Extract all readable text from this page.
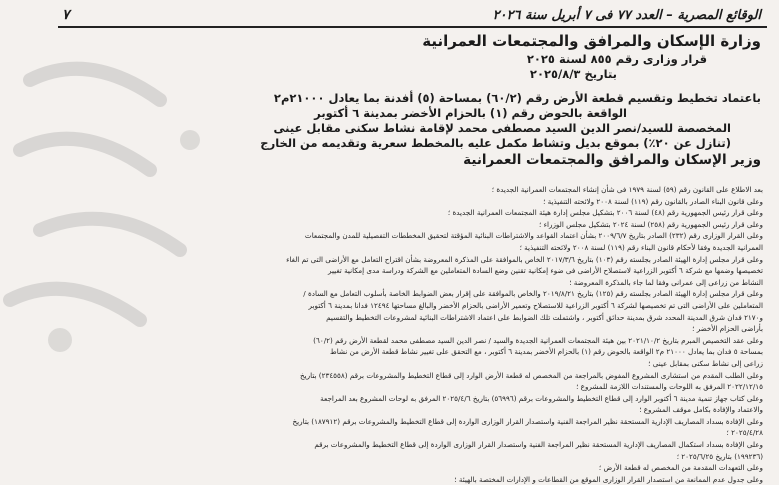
الوقائع المصرية – العدد ٧٧ فى ٧ أبريل سنة ٢٠٢٦
٧
وزارة الإسكان والمرافق والمجتمعات العمرانية
قرار وزارى رقم ٨٥٥ لسنة ٢٠٢٥
بتاريخ ٢٠٢٥/٨/٣
باعتماد تخطيط وتقسيم قطعة الأرض رقم (٦٠/٢) بمساحة (٥) أفدنة بما يعادل ٢١٠٠٠م٢
الواقعة بالحوض رقم (١) بالحزام الأخضر بمدينة ٦ أكتوبر
المخصصة للسيد/نصر الدين السيد مصطفى محمد لإقامة نشاط سكنى مقابل عينى
(تنازل عن ٢٠٪) بموقع بديل وتشاط مكمل عليه بالمخطط سعرية وتقديمه من الخارج
وزير الإسكان والمرافق والمجتمعات العمرانية

بعد الاطلاع على القانون رقم (٥٩) لسنة ١٩٧٩ فى شأن إنشاء المجتمعات العمرانية الجديدة ؛

وعلى قانون البناء الصادر بالقانون رقم (١١٩) لسنة ٢٠٠٨ ولائحته التنفيذية ؛

وعلى قرار رئيس الجمهورية رقم (٤٨) لسنة ٢٠٠٦ بتشكيل مجلس إدارة هيئة المجتمعات العمرانية الجديدة ؛

وعلى قرار رئيس الجمهورية رقم (٢٥٨) لسنة ٢٠٢٤ بتشكيل مجلس الوزراء ؛

وعلى القرار الوزارى رقم (٢٣٢) الصادر بتاريخ ٢٠٠٩/٦/٧ بشأن اعتماد القواعد والاشتراطات البنائية المؤقتة لتحقيق المخططات التفصيلية للمدن والمجتمعات

العمرانية الجديدة وفقا لأحكام قانون البناء رقم (١١٩) لسنة ٢٠٠٨ ولائحته التنفيذية ؛

وعلى قرار مجلس إدارة الهيئة الصادر بجلسته رقم (١٠٣) بتاريخ ٢٠١٧/٣/٦ الخاص بالموافقة على المذكرة المعروضة بشأن اقتراح التعامل مع الأراضى التى تم الغاء

تخصيصها وضمها مع شركة ٦ أكتوبر الزراعية لاستصلاح الأراضى فى ضوء إمكانية تقنين وضع السادة المتعاملين مع الشركة ودراسة مدى إمكانية تغيير

النشاط من زراعى إلى عمرانى وفقا لما جاء بالمذكرة المعروضة ؛

وعلى قرار مجلس إدارة الهيئة الصادر بجلسته رقم (١٢٥) بتاريخ ٢٠١٩/٨/٢١ والخاص بالموافقة على إقرار بعض الضوابط الخاصة بأسلوب التعامل مع السادة /

المتعاملين على الأراضى التى تم تخصيصها لشركة ٦ أكتوبر الزراعية للاستصلاح وتعمير الأراضى بالحزام الأخضر والبالغ مساحتها ١٢٤٩٤ فدانا بمدينة ٦ أكتوبر

و٢١٧٠ فدان شرق المدينة المحدد شرق بمدينة حدائق أكتوبر ، واشتملت تلك الضوابط على اعتماد الاشتراطات البنائية لمشروعات التخطيط والتقسيم

بأراضى الحزام الأخضر ؛

وعلى عقد التخصيص المبرم بتاريخ ٢٠٢١/١٠/٢ بين هيئة المجتمعات العمرانية الجديدة والسيد / نصر الدين السيد مصطفى محمد لقطعة الأرض رقم (٦٠/٢)

بمساحة ٥ فدان بما يعادل ٢١٠٠٠ م٢ الواقعة بالحوض رقم (١) بالحزام الأخضر بمدينة ٦ أكتوبر ، مع التحقق على تغيير نشاط قطعة الأرض من نشاط

زراعى إلى نشاط سكنى بمقابل عينى ؛

وعلى الطلب المقدم من استشارى المشروع المفوض بالمراجعة من المخصص له قطعة الأرض الوارد إلى قطاع التخطيط والمشروعات برقم (٢٣٤٥٥٨) بتاريخ

٢٠٢٢/١٢/١٥ المرفق به اللوحات والمستندات اللازمة للمشروع ؛

وعلى كتاب جهاز تنمية مدينة ٦ أكتوبر الوارد إلى قطاع التخطيط والمشروعات برقم (٥٦٩٩٦) بتاريخ ٢٠٢٥/٤/٦ المرفق به لوحات المشروع بعد المراجعة

والاعتماد والإفادة بكامل موقف المشروع ؛

وعلى الإفادة بسداد المصاريف الإدارية المستحقة نظير المراجعة الفنية واستصدار القرار الوزارى الواردة إلى قطاع التخطيط والمشروعات برقم (١٨٧٩١٢) بتاريخ

٢٠٢٥/٤/٢٨ ؛

وعلى الإفادة بسداد استكمال المصاريف الإدارية المستحقة نظير المراجعة الفنية واستصدار القرار الوزارى الواردة إلى قطاع التخطيط والمشروعات برقم

(١٩٩٢٣٦) بتاريخ ٢٠٢٥/٦/٢٥ ؛

وعلى التعهدات المقدمة من المخصص له قطعة الأرض ؛

وعلى جدول عدم الممانعة من استصدار القرار الوزارى الموقع من القطاعات و الإدارات المختصة بالهيئة ؛
